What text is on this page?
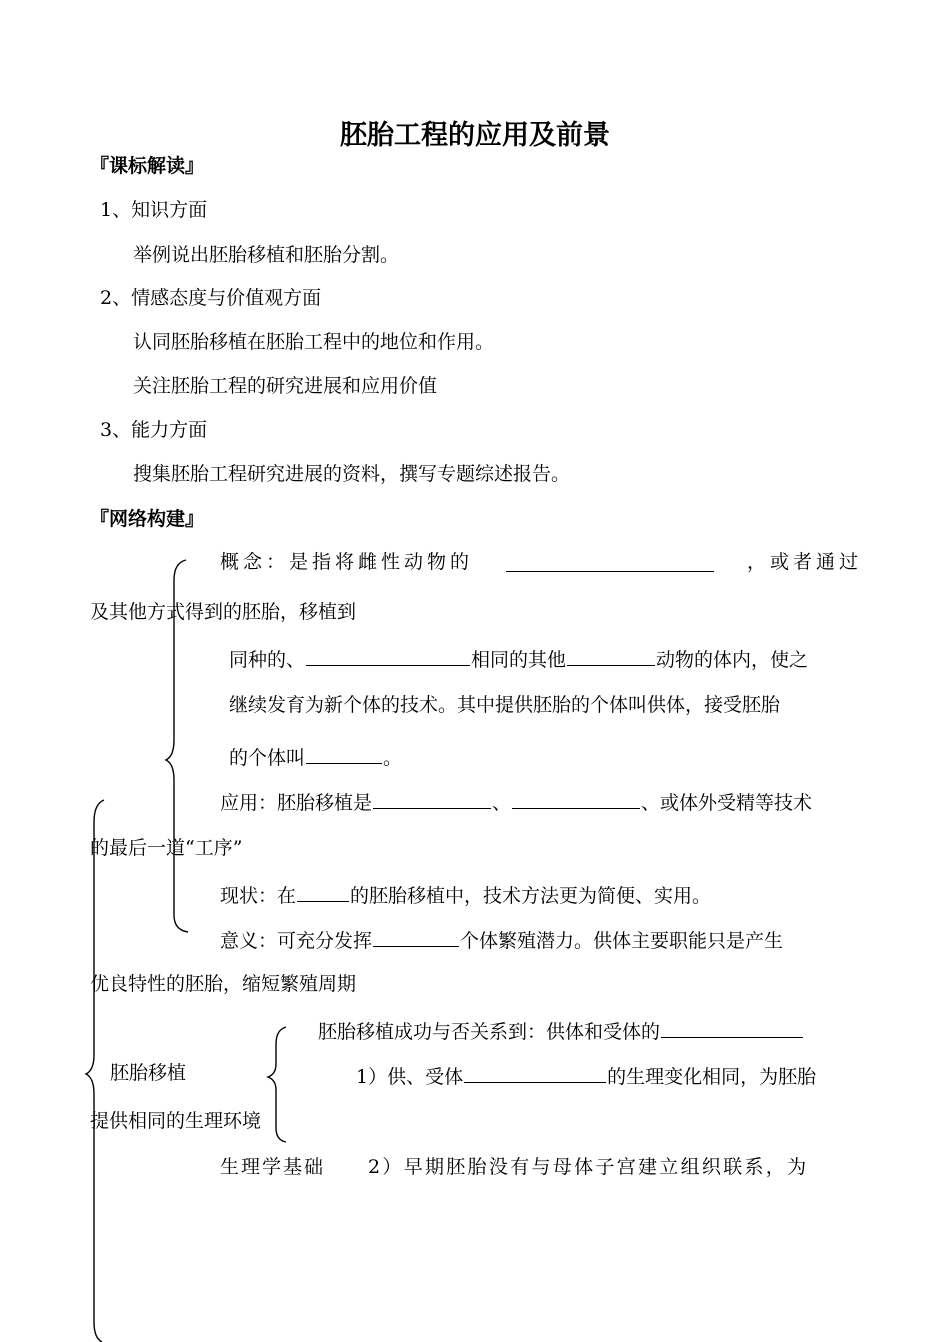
胚胎工程的应用及前景
『课标解读』
1、知识方面
举例说出胚胎移植和胚胎分割。
2、情感态度与价值观方面
认同胚胎移植在胚胎工程中的地位和作用。
关注胚胎工程的研究进展和应用价值
3、能力方面
搜集胚胎工程研究进展的资料，撰写专题综述报告。
『网络构建』
概念：是指将雌性动物的	，或者通过
及其他方式得到的胚胎，移植到
同种的、	相同的其他	动物的体内，使之
继续发育为新个体的技术。其中提供胚胎的个体叫供体，接受胚胎
的个体叫	。
应用：胚胎移植是	、	、或体外受精等技术
的最后一道“工序”
现状：在	的胚胎移植中，技术方法更为简便、实用。
意义：可充分发挥	个体繁殖潜力。供体主要职能只是产生
优良特性的胚胎，缩短繁殖周期
胚胎移植成功与否关系到：供体和受体的
胚胎移植	1）供、受体	的生理变化相同，为胚胎
提供相同的生理环境
生理学基础 2）早期胚胎没有与母体子宫建立组织联系，为
